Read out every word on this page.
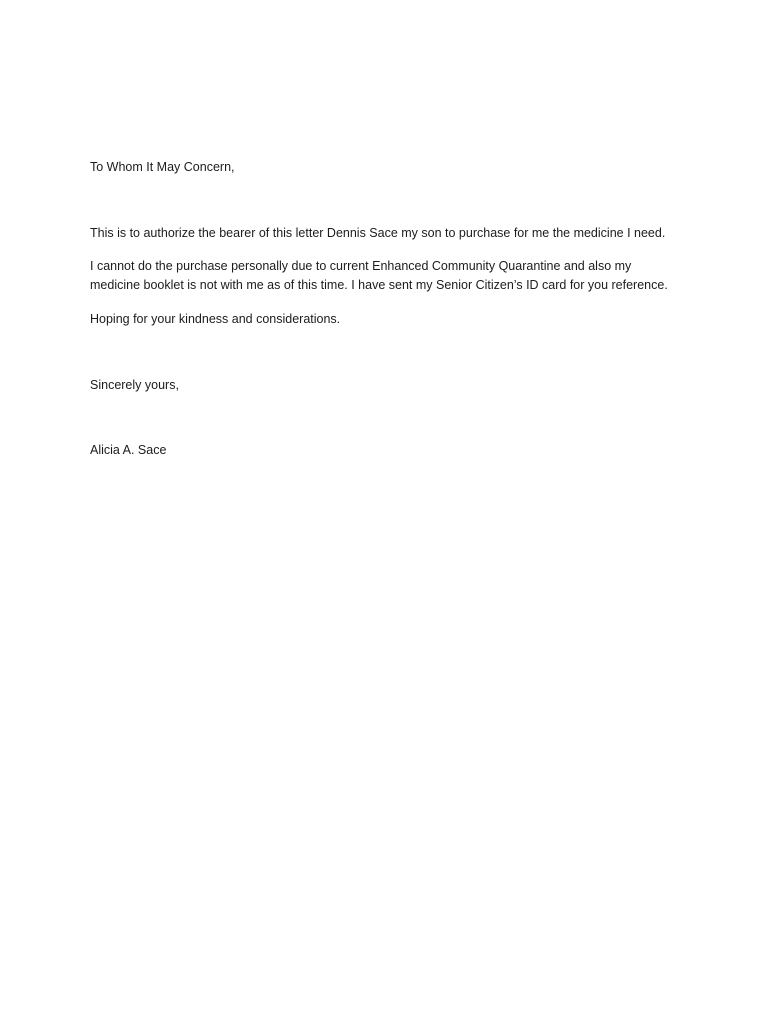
To Whom It May Concern,
This is to authorize the bearer of this letter Dennis Sace my son to purchase for me the medicine I need.
I cannot do the purchase personally due to current Enhanced Community Quarantine and also my
medicine booklet is not with me as of this time. I have sent my Senior Citizen’s ID card for you reference.
Hoping for your kindness and considerations.
Sincerely yours,
Alicia A. Sace
